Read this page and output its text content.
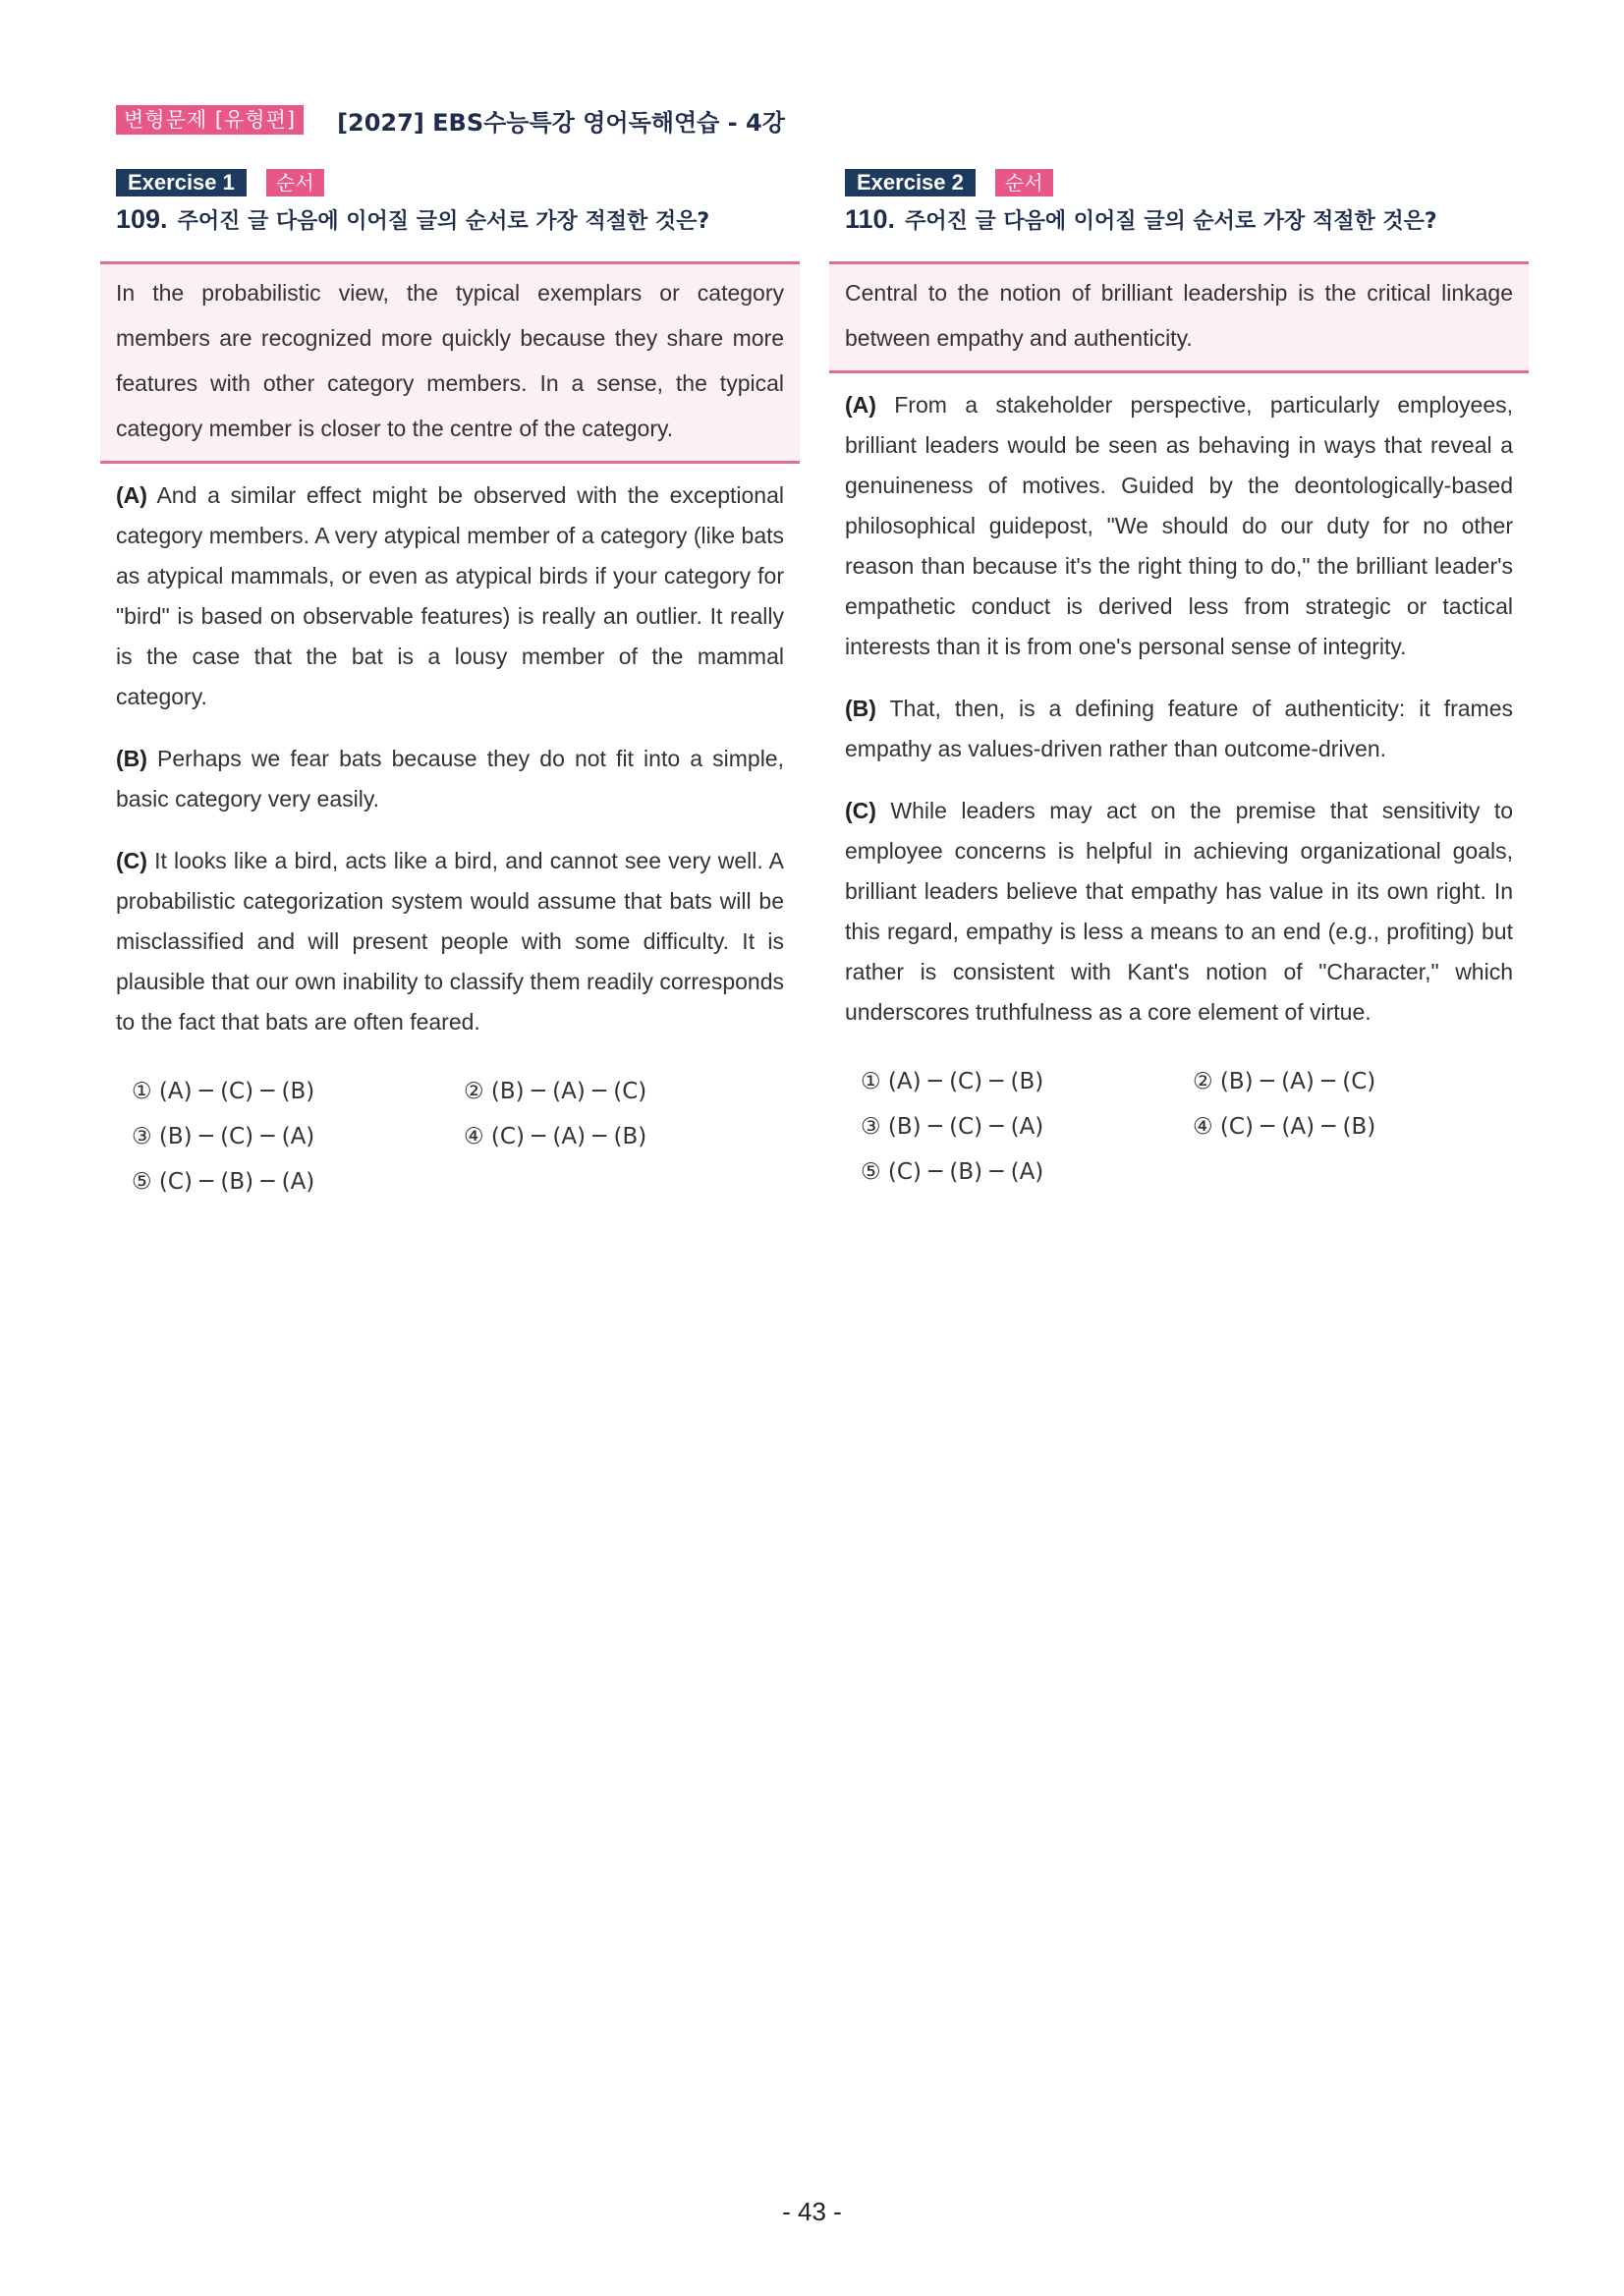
변형문제 [유형편]	[2027] EBS수능특강 영어독해연습 - 4강
Exercise 1	순서
109. 주어진 글 다음에 이어질 글의 순서로 가장 적절한 것은?
In the probabilistic view, the typical exemplars or category members are recognized more quickly because they share more features with other category members. In a sense, the typical category member is closer to the centre of the category.
(A) And a similar effect might be observed with the exceptional category members. A very atypical member of a category (like bats as atypical mammals, or even as atypical birds if your category for "bird" is based on observable features) is really an outlier. It really is the case that the bat is a lousy member of the mammal category.
(B) Perhaps we fear bats because they do not fit into a simple, basic category very easily.
(C) It looks like a bird, acts like a bird, and cannot see very well. A probabilistic categorization system would assume that bats will be misclassified and will present people with some difficulty. It is plausible that our own inability to classify them readily corresponds to the fact that bats are often feared.
① (A) ─ (C) ─ (B)	② (B) ─ (A) ─ (C)
③ (B) ─ (C) ─ (A)	④ (C) ─ (A) ─ (B)
⑤ (C) ─ (B) ─ (A)
Exercise 2	순서
110. 주어진 글 다음에 이어질 글의 순서로 가장 적절한 것은?
Central to the notion of brilliant leadership is the critical linkage between empathy and authenticity.
(A) From a stakeholder perspective, particularly employees, brilliant leaders would be seen as behaving in ways that reveal a genuineness of motives. Guided by the deontologically-based philosophical guidepost, "We should do our duty for no other reason than because it's the right thing to do," the brilliant leader's empathetic conduct is derived less from strategic or tactical interests than it is from one's personal sense of integrity.
(B) That, then, is a defining feature of authenticity: it frames empathy as values-driven rather than outcome-driven.
(C) While leaders may act on the premise that sensitivity to employee concerns is helpful in achieving organizational goals, brilliant leaders believe that empathy has value in its own right. In this regard, empathy is less a means to an end (e.g., profiting) but rather is consistent with Kant's notion of "Character," which underscores truthfulness as a core element of virtue.
① (A) ─ (C) ─ (B)	② (B) ─ (A) ─ (C)
③ (B) ─ (C) ─ (A)	④ (C) ─ (A) ─ (B)
⑤ (C) ─ (B) ─ (A)
- 43 -
